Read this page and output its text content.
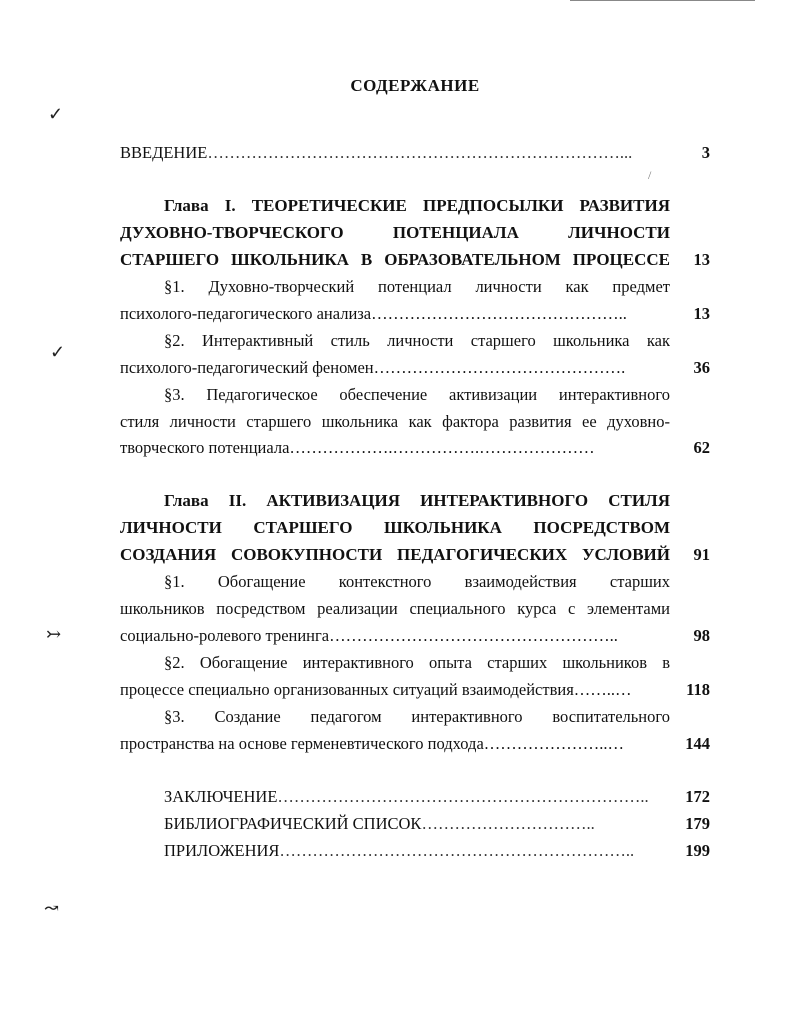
✓
✓
↣
↝
/
СОДЕРЖАНИЕ
ВВЕДЕНИЕ…………………………………………………………………...	3
Глава I. ТЕОРЕТИЧЕСКИЕ ПРЕДПОСЫЛКИ РАЗВИТИЯ
ДУХОВНО-ТВОРЧЕСКОГО ПОТЕНЦИАЛА ЛИЧНОСТИ
СТАРШЕГО ШКОЛЬНИКА В ОБРАЗОВАТЕЛЬНОМ ПРОЦЕССЕ	13
§1. Духовно-творческий потенциал личности как предмет
психолого-педагогического анализа………………………………………..	13
§2. Интерактивный стиль личности старшего школьника как
психолого-педагогический феномен……………………………………….	36
§3. Педагогическое обеспечение активизации интерактивного
стиля личности старшего школьника как фактора развития ее духовно-
творческого потенциала……………….…………….…………………	62
Глава II. АКТИВИЗАЦИЯ ИНТЕРАКТИВНОГО СТИЛЯ
ЛИЧНОСТИ СТАРШЕГО ШКОЛЬНИКА ПОСРЕДСТВОМ
СОЗДАНИЯ СОВОКУПНОСТИ ПЕДАГОГИЧЕСКИХ УСЛОВИЙ	91
§1. Обогащение контекстного взаимодействия старших
школьников посредством реализации специального курса с элементами
социально-ролевого тренинга……………………………………………..	98
§2. Обогащение интерактивного опыта старших школьников в
процессе специально организованных ситуаций взаимодействия……..…	118
§3. Создание педагогом интерактивного воспитательного
пространства на основе герменевтического подхода…………………..…	144
ЗАКЛЮЧЕНИЕ…………………………………………………………..	172
БИБЛИОГРАФИЧЕСКИЙ СПИСОК…………………………..	179
ПРИЛОЖЕНИЯ………………………………………………………..	199
